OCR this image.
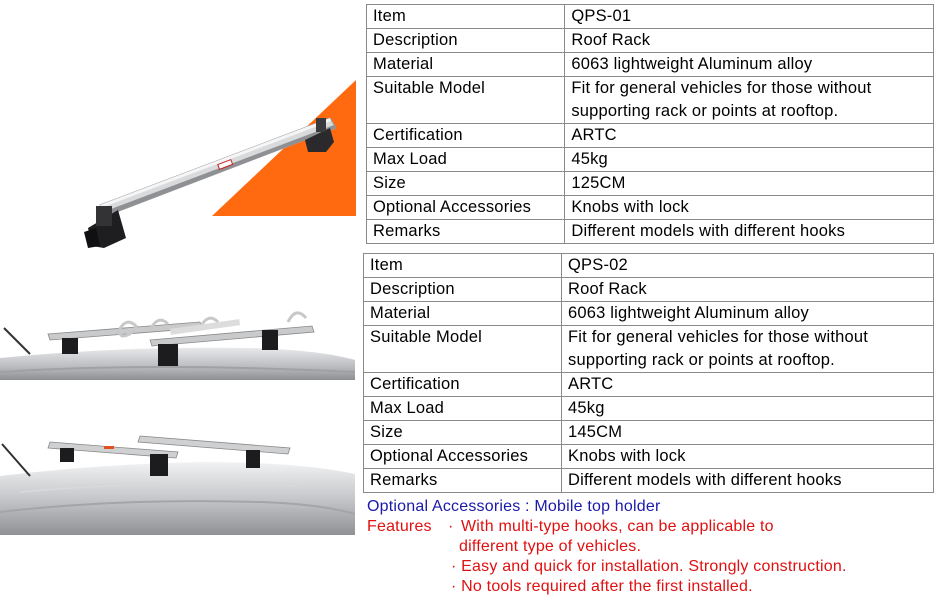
Item	QPS-01
Description	Roof Rack
Material	6063 lightweight Aluminum alloy
Suitable Model	Fit for general vehicles for those without
supporting rack or points at rooftop.

Certification	ARTC
Max Load	45kg
Size	125CM
Optional Accessories	Knobs with lock
Remarks	Different models with different hooks
Item	QPS-02
Description	Roof Rack
Material	6063 lightweight Aluminum alloy
Suitable Model	Fit for general vehicles for those without
supporting rack or points at rooftop.

Certification	ARTC
Max Load	45kg
Size	145CM
Optional Accessories	Knobs with lock
Remarks	Different models with different hooks
Optional Accessories : Mobile top holder
Features　· With multi-type hooks, can be applicable to
different type of vehicles.
· Easy and quick for installation. Strongly construction.
· No tools required after the first installed.
